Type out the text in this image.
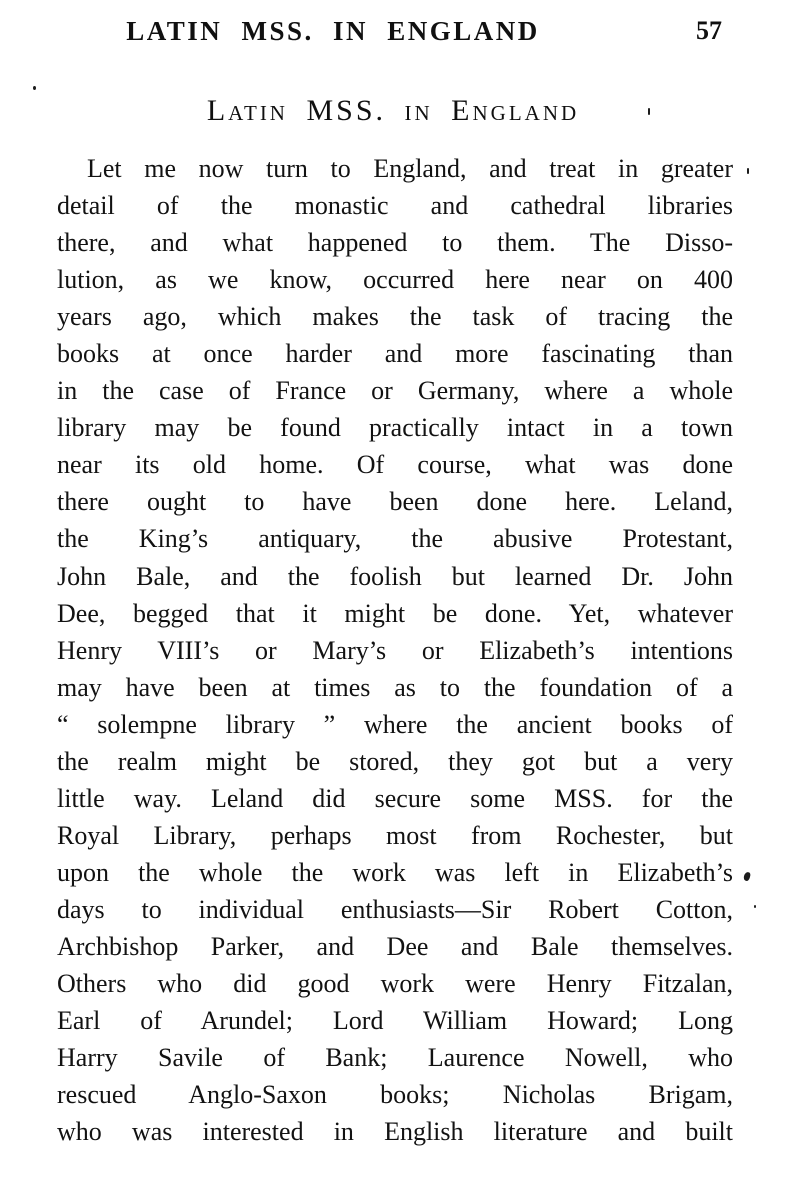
LATIN MSS. IN ENGLAND	57
Latin MSS. in England
Let me now turn to England, and treat in greater
detail of the monastic and cathedral libraries
there, and what happened to them. The Disso-
lution, as we know, occurred here near on 400
years ago, which makes the task of tracing the
books at once harder and more fascinating than
in the case of France or Germany, where a whole
library may be found practically intact in a town
near its old home. Of course, what was done
there ought to have been done here. Leland,
the King’s antiquary, the abusive Protestant,
John Bale, and the foolish but learned Dr. John
Dee, begged that it might be done. Yet, whatever
Henry VIII’s or Mary’s or Elizabeth’s intentions
may have been at times as to the foundation of a
“ solempne library ” where the ancient books of
the realm might be stored, they got but a very
little way. Leland did secure some MSS. for the
Royal Library, perhaps most from Rochester, but
upon the whole the work was left in Elizabeth’s
days to individual enthusiasts—Sir Robert Cotton,
Archbishop Parker, and Dee and Bale themselves.
Others who did good work were Henry Fitzalan,
Earl of Arundel; Lord William Howard; Long
Harry Savile of Bank; Laurence Nowell, who
rescued Anglo-Saxon books; Nicholas Brigam,
who was interested in English literature and built
